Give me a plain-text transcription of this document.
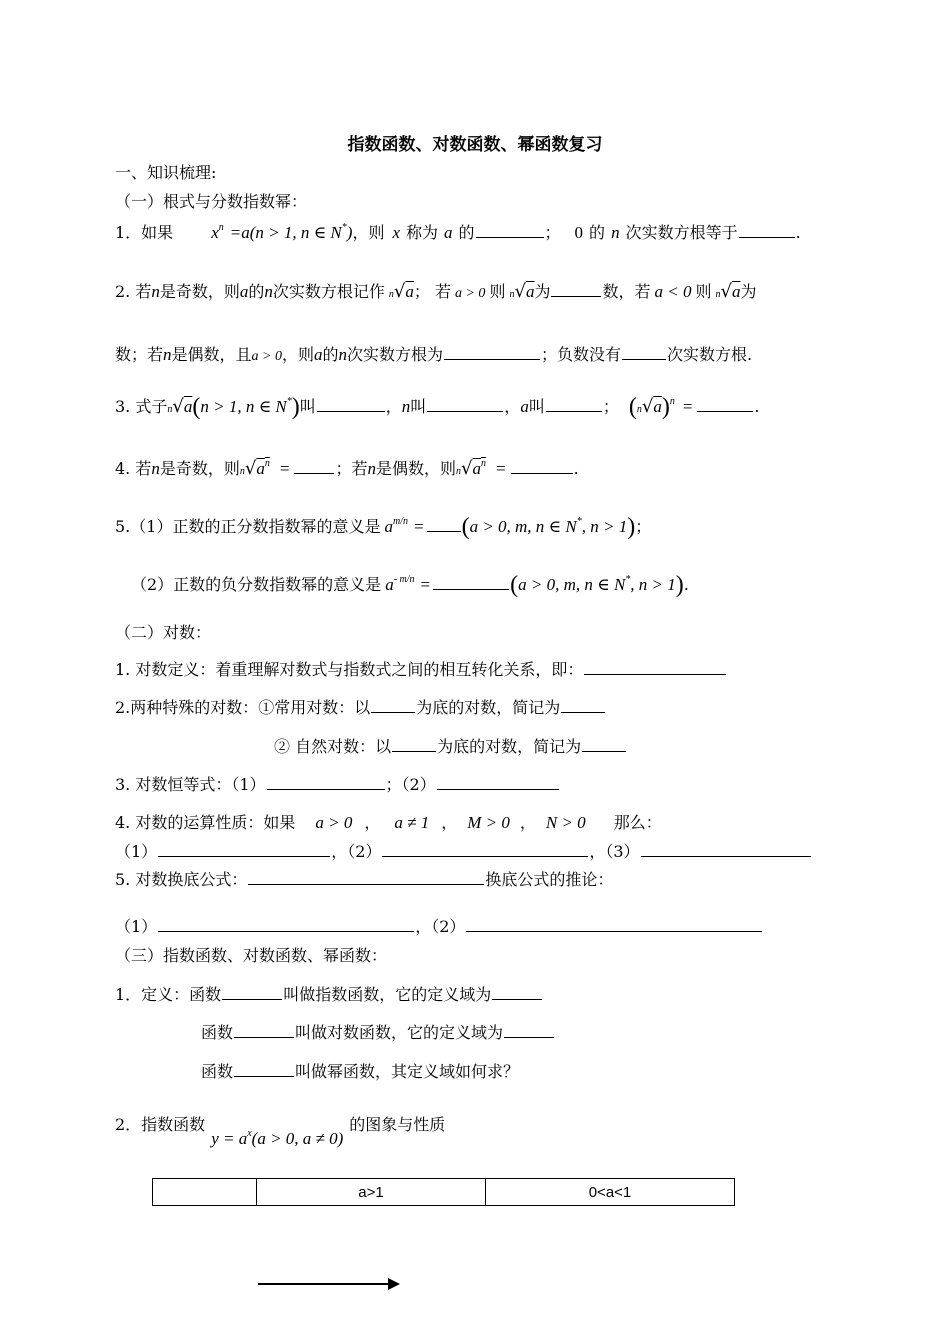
指数函数、对数函数、幂函数复习
一、知识梳理:
（一）根式与分数指数幂：
1．如果 $x^n =a(n > 1$, n ∈ N*)，则 x 称为 a 的	； 0 的 n 次实数方根等于	.
2. 若n是奇数，则a的n次实数方根记作 n√a； 若 a > 0 则 n√a为	数，若 a < 0 则 n√a为
数；若n是偶数，且a > 0，则a的n次实数方根为	；负数没有	次实数方根.
3. 式子n√a(n > 1, n ∈ N*)叫	，n叫	，a叫	； $(n√a)^n$ =	.
4. 若n是奇数，则$n√a^{\overline{n}}$ =	；若n是偶数，则$n√a^{\overline{n}}$ =	.
5.（1）正数的正分数指数幂的意义是 $a^{m/n} = (a > 0$, m, n ∈ N*, n > 1)；
（2）正数的负分数指数幂的意义是 $a^{- m/n}$ =	(a > 0, m, n ∈ N*, n > 1).
（二）对数：
1. 对数定义：着重理解对数式与指数式之间的相互转化关系，即：
2.两种特殊的对数：①常用对数：以	为底的对数，简记为
② 自然对数：以	为底的对数，简记为
3. 对数恒等式：（1）	；（2）
4. 对数的运算性质：如果 a > 0 ， a ≠ 1 ， M > 0 ， N > 0 那么：
（1）	，（2）	，（3）
5. 对数换底公式：	换底公式的推论：
（1）	，（2）
（三）指数函数、对数函数、幂函数：
1．定义：函数	叫做指数函数，它的定义域为
函数	叫做对数函数，它的定义域为
函数	叫做幂函数，其定义域如何求？
2．指数函数$y = a^x(a > 0$, a ≠ 0)的图象与性质
	a>1	0<a<1
